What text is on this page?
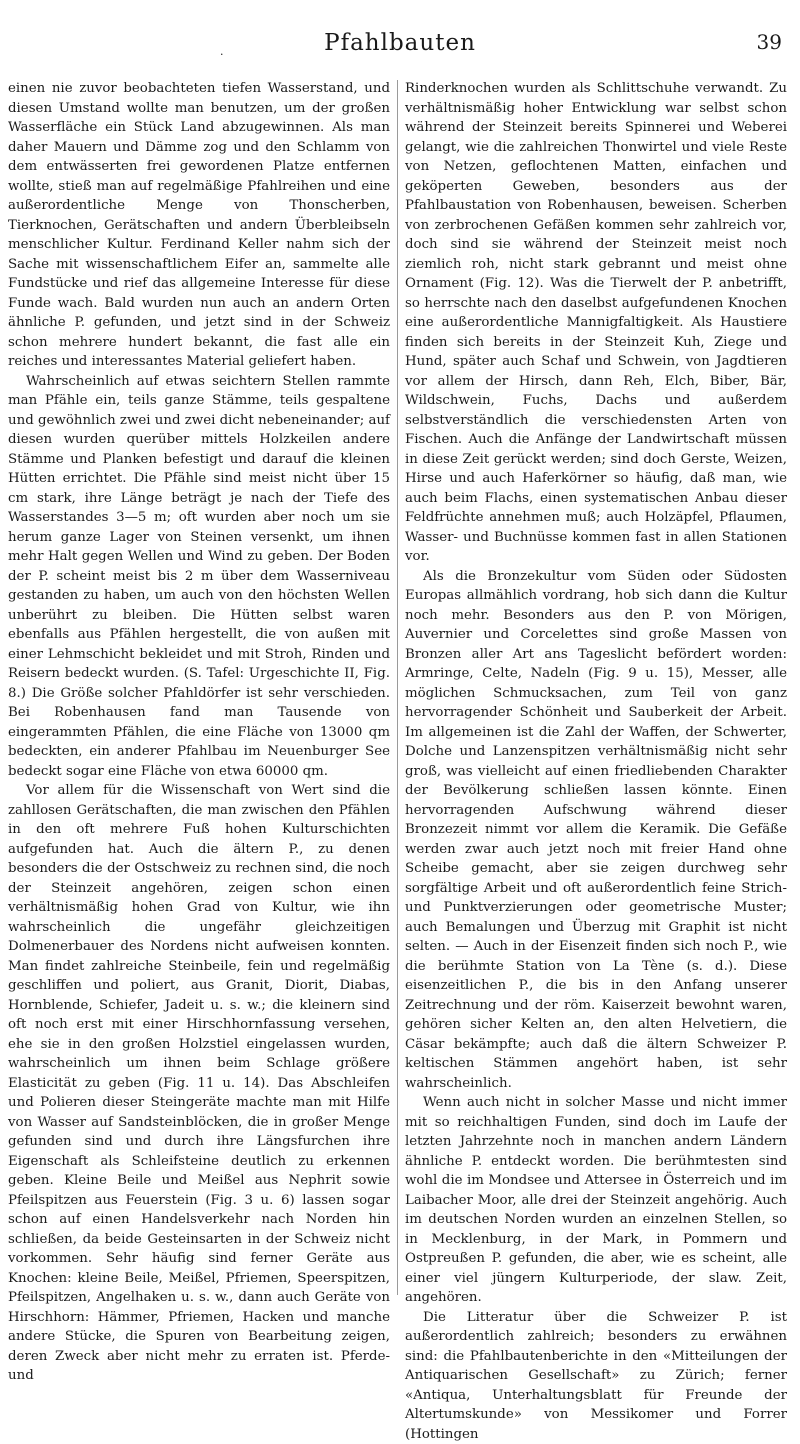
·	Pfahlbauten	39

einen nie zuvor beobachteten tiefen Wasserstand, und diesen Umstand wollte man benutzen, um der großen Wasserfläche ein Stück Land abzugewinnen. Als man daher Mauern und Dämme zog und den Schlamm von dem entwässerten frei gewordenen Platze entfernen wollte, stieß man auf regelmäßige Pfahlreihen und eine außerordentliche Menge von Thonscherben, Tierknochen, Gerätschaften und andern Überbleibseln menschlicher Kultur. Ferdinand Keller nahm sich der Sache mit wissenschaftlichem Eifer an, sammelte alle Fundstücke und rief das allgemeine Interesse für diese Funde wach. Bald wurden nun auch an andern Orten ähnliche P. gefunden, und jetzt sind in der Schweiz schon mehrere hundert bekannt, die fast alle ein reiches und interessantes Material geliefert haben.

Wahrscheinlich auf etwas seichtern Stellen rammte man Pfähle ein, teils ganze Stämme, teils gespaltene und gewöhnlich zwei und zwei dicht nebeneinander; auf diesen wurden querüber mittels Holzkeilen andere Stämme und Planken befestigt und darauf die kleinen Hütten errichtet. Die Pfähle sind meist nicht über 15 cm stark, ihre Länge beträgt je nach der Tiefe des Wasserstandes 3—5 m; oft wurden aber noch um sie herum ganze Lager von Steinen versenkt, um ihnen mehr Halt gegen Wellen und Wind zu geben. Der Boden der P. scheint meist bis 2 m über dem Wasserniveau gestanden zu haben, um auch von den höchsten Wellen unberührt zu bleiben. Die Hütten selbst waren ebenfalls aus Pfählen hergestellt, die von außen mit einer Lehmschicht bekleidet und mit Stroh, Rinden und Reisern bedeckt wurden. (S. Tafel: Urgeschichte II, Fig. 8.) Die Größe solcher Pfahldörfer ist sehr verschieden. Bei Robenhausen fand man Tausende von eingerammten Pfählen, die eine Fläche von 13000 qm bedeckten, ein anderer Pfahlbau im Neuenburger See bedeckt sogar eine Fläche von etwa 60000 qm.

Vor allem für die Wissenschaft von Wert sind die zahllosen Gerätschaften, die man zwischen den Pfählen in den oft mehrere Fuß hohen Kulturschichten aufgefunden hat. Auch die ältern P., zu denen besonders die der Ostschweiz zu rechnen sind, die noch der Steinzeit angehören, zeigen schon einen verhältnismäßig hohen Grad von Kultur, wie ihn wahrscheinlich die ungefähr gleichzeitigen Dolmenerbauer des Nordens nicht aufweisen konnten. Man findet zahlreiche Steinbeile, fein und regelmäßig geschliffen und poliert, aus Granit, Diorit, Diabas, Hornblende, Schiefer, Jadeit u. s. w.; die kleinern sind oft noch erst mit einer Hirschhornfassung versehen, ehe sie in den großen Holzstiel eingelassen wurden, wahrscheinlich um ihnen beim Schlage größere Elasticität zu geben (Fig. 11 u. 14). Das Abschleifen und Polieren dieser Steingeräte machte man mit Hilfe von Wasser auf Sandsteinblöcken, die in großer Menge gefunden sind und durch ihre Längsfurchen ihre Eigenschaft als Schleifsteine deutlich zu erkennen geben. Kleine Beile und Meißel aus Nephrit sowie Pfeilspitzen aus Feuerstein (Fig. 3 u. 6) lassen sogar schon auf einen Handelsverkehr nach Norden hin schließen, da beide Gesteinsarten in der Schweiz nicht vorkommen. Sehr häufig sind ferner Geräte aus Knochen: kleine Beile, Meißel, Pfriemen, Speerspitzen, Pfeilspitzen, Angelhaken u. s. w., dann auch Geräte von Hirschhorn: Hämmer, Pfriemen, Hacken und manche andere Stücke, die Spuren von Bearbeitung zeigen, deren Zweck aber nicht mehr zu erraten ist. Pferde- und

Rinderknochen wurden als Schlittschuhe verwandt. Zu verhältnismäßig hoher Entwicklung war selbst schon während der Steinzeit bereits Spinnerei und Weberei gelangt, wie die zahlreichen Thonwirtel und viele Reste von Netzen, geflochtenen Matten, einfachen und geköperten Geweben, besonders aus der Pfahlbaustation von Robenhausen, beweisen. Scherben von zerbrochenen Gefäßen kommen sehr zahlreich vor, doch sind sie während der Steinzeit meist noch ziemlich roh, nicht stark gebrannt und meist ohne Ornament (Fig. 12). Was die Tierwelt der P. anbetrifft, so herrschte nach den daselbst aufgefundenen Knochen eine außerordentliche Mannigfaltigkeit. Als Haustiere finden sich bereits in der Steinzeit Kuh, Ziege und Hund, später auch Schaf und Schwein, von Jagdtieren vor allem der Hirsch, dann Reh, Elch, Biber, Bär, Wildschwein, Fuchs, Dachs und außerdem selbstverständlich die verschiedensten Arten von Fischen. Auch die Anfänge der Landwirtschaft müssen in diese Zeit gerückt werden; sind doch Gerste, Weizen, Hirse und auch Haferkörner so häufig, daß man, wie auch beim Flachs, einen systematischen Anbau dieser Feldfrüchte annehmen muß; auch Holzäpfel, Pflaumen, Wasser- und Buchnüsse kommen fast in allen Stationen vor.

Als die Bronzekultur vom Süden oder Südosten Europas allmählich vordrang, hob sich dann die Kultur noch mehr. Besonders aus den P. von Mörigen, Auvernier und Corcelettes sind große Massen von Bronzen aller Art ans Tageslicht befördert worden: Armringe, Celte, Nadeln (Fig. 9 u. 15), Messer, alle möglichen Schmucksachen, zum Teil von ganz hervorragender Schönheit und Sauberkeit der Arbeit. Im allgemeinen ist die Zahl der Waffen, der Schwerter, Dolche und Lanzenspitzen verhältnismäßig nicht sehr groß, was vielleicht auf einen friedliebenden Charakter der Bevölkerung schließen lassen könnte. Einen hervorragenden Aufschwung während dieser Bronzezeit nimmt vor allem die Keramik. Die Gefäße werden zwar auch jetzt noch mit freier Hand ohne Scheibe gemacht, aber sie zeigen durchweg sehr sorgfältige Arbeit und oft außerordentlich feine Strich- und Punktverzierungen oder geometrische Muster; auch Bemalungen und Überzug mit Graphit ist nicht selten. — Auch in der Eisenzeit finden sich noch P., wie die berühmte Station von La Tène (s. d.). Diese eisenzeitlichen P., die bis in den Anfang unserer Zeitrechnung und der röm. Kaiserzeit bewohnt waren, gehören sicher Kelten an, den alten Helvetiern, die Cäsar bekämpfte; auch daß die ältern Schweizer P. keltischen Stämmen angehört haben, ist sehr wahrscheinlich.

Wenn auch nicht in solcher Masse und nicht immer mit so reichhaltigen Funden, sind doch im Laufe der letzten Jahrzehnte noch in manchen andern Ländern ähnliche P. entdeckt worden. Die berühmtesten sind wohl die im Mondsee und Attersee in Österreich und im Laibacher Moor, alle drei der Steinzeit angehörig. Auch im deutschen Norden wurden an einzelnen Stellen, so in Mecklenburg, in der Mark, in Pommern und Ostpreußen P. gefunden, die aber, wie es scheint, alle einer viel jüngern Kulturperiode, der slaw. Zeit, angehören.

Die Litteratur über die Schweizer P. ist außerordentlich zahlreich; besonders zu erwähnen sind: die Pfahlbautenberichte in den «Mitteilungen der Antiquarischen Gesellschaft» zu Zürich; ferner «Antiqua, Unterhaltungsblatt für Freunde der Altertumskunde» von Messikomer und Forrer (Hottingen
